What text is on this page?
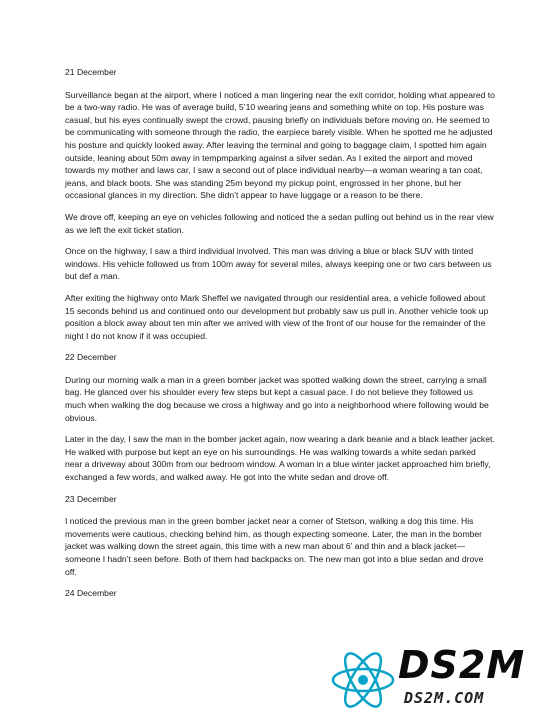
21 December

Surveillance began at the airport, where I noticed a man lingering near the exit corridor, holding what appeared to be a two-way radio. He was of average build, 5’10 wearing jeans and something white on top. His posture was casual, but his eyes continually swept the crowd, pausing briefly on individuals before moving on. He seemed to be communicating with someone through the radio, the earpiece barely visible. When he spotted me he adjusted his posture and quickly looked away. After leaving the terminal and going to baggage claim, I spotted him again outside, leaning about 50m away in tempmparking against a silver sedan. As I exited the airport and moved towards my mother and laws car, I saw a second out of place individual nearby—a woman wearing a tan coat, jeans, and black boots. She was standing 25m beyond my pickup point, engrossed in her phone, but her occasional glances in my direction. She didn’t appear to have luggage or a reason to be there.

We drove off, keeping an eye on vehicles following and noticed the a sedan pulling out behind us in the rear view as we left the exit ticket station.

Once on the highway, I saw a third individual involved. This man was driving a blue or black SUV with tinted windows. His vehicle followed us from 100m away for several miles, always keeping one or two cars between us but def a man.

After exiting the highway onto Mark Sheffel we navigated through our residential area, a vehicle followed about 15 seconds behind us and continued onto our development but probably saw us pull in. Another vehicle took up position a block away about ten min after we arrived with view of the front of our house for the remainder of the night I do not know if it was occupied.

22 December

During our morning walk a man in a green bomber jacket was spotted walking down the street, carrying a small bag. He glanced over his shoulder every few steps but kept a casual pace. I do not believe they followed us much when walking the dog because we cross a highway and go into a neighborhood where following would be obvious.

Later in the day, I saw the man in the bomber jacket again, now wearing a dark beanie and a black leather jacket. He walked with purpose but kept an eye on his surroundings. He was walking towards a white sedan parked near a driveway about 300m from our bedroom window. A woman in a blue winter jacket approached him briefly, exchanged a few words, and walked away. He got into the white sedan and drove off.

23 December

I noticed the previous man in the green bomber jacket near a corner of Stetson, walking a dog this time. His movements were cautious, checking behind him, as though expecting someone. Later, the man in the bomber jacket was walking down the street again, this time with a new man about 6’ and thin and a black jacket—someone I hadn’t seen before. Both of them had backpacks on. The new man got into a blue sedan and drove off.

24 December

DS2M
DS2M.COM
